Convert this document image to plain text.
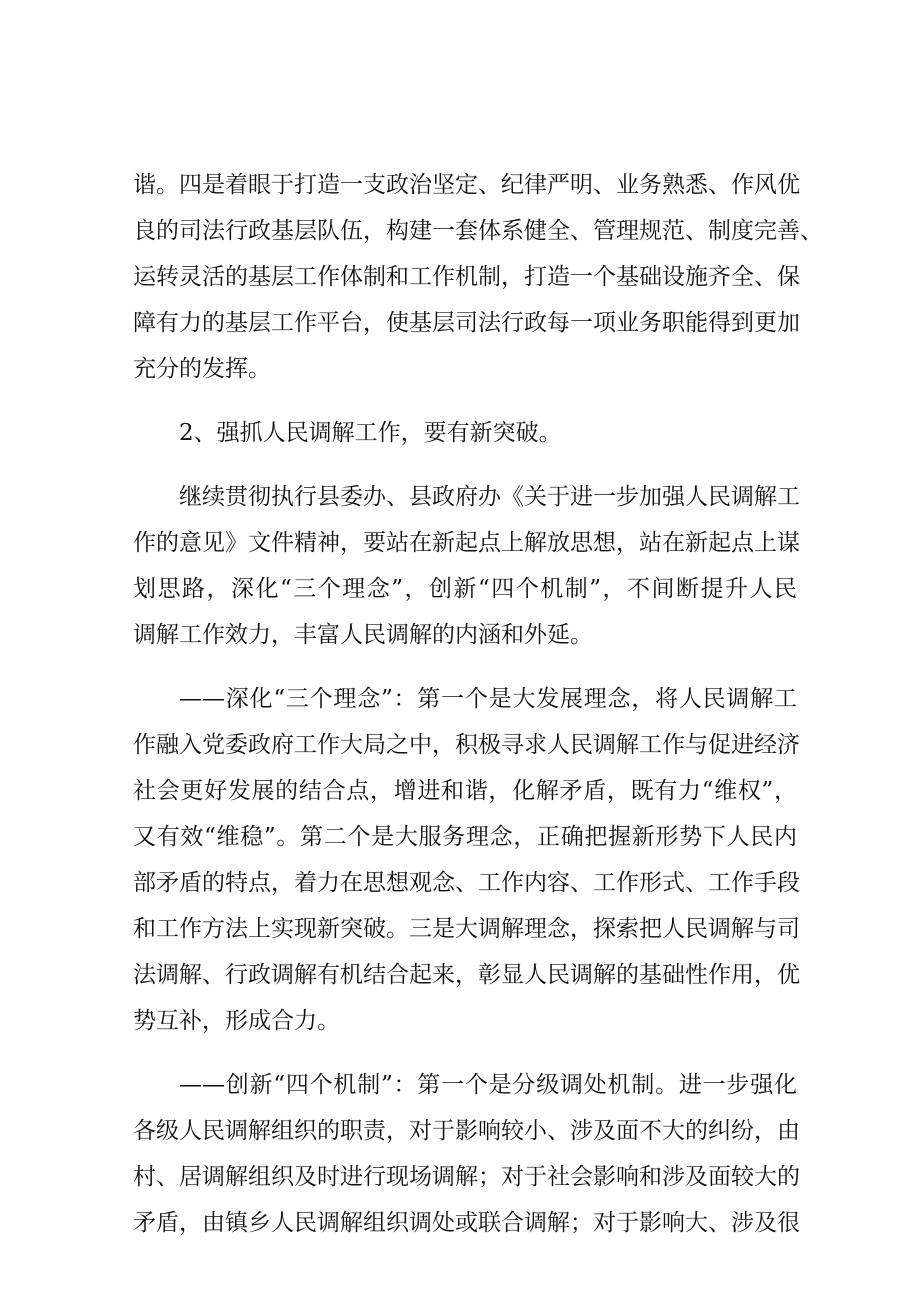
谐。四是着眼于打造一支政治坚定、纪律严明、业务熟悉、作风优
良的司法行政基层队伍，构建一套体系健全、管理规范、制度完善、
运转灵活的基层工作体制和工作机制，打造一个基础设施齐全、保
障有力的基层工作平台，使基层司法行政每一项业务职能得到更加
充分的发挥。
2、强抓人民调解工作，要有新突破。
继续贯彻执行县委办、县政府办《关于进一步加强人民调解工
作的意见》文件精神，要站在新起点上解放思想，站在新起点上谋
划思路，深化“三个理念”，创新“四个机制”，不间断提升人民
调解工作效力，丰富人民调解的内涵和外延。
——深化“三个理念”：第一个是大发展理念，将人民调解工
作融入党委政府工作大局之中，积极寻求人民调解工作与促进经济
社会更好发展的结合点，增进和谐，化解矛盾，既有力“维权”，
又有效“维稳”。第二个是大服务理念，正确把握新形势下人民内
部矛盾的特点，着力在思想观念、工作内容、工作形式、工作手段
和工作方法上实现新突破。三是大调解理念，探索把人民调解与司
法调解、行政调解有机结合起来，彰显人民调解的基础性作用，优
势互补，形成合力。
——创新“四个机制”：第一个是分级调处机制。进一步强化
各级人民调解组织的职责，对于影响较小、涉及面不大的纠纷，由
村、居调解组织及时进行现场调解；对于社会影响和涉及面较大的
矛盾，由镇乡人民调解组织调处或联合调解；对于影响大、涉及很
